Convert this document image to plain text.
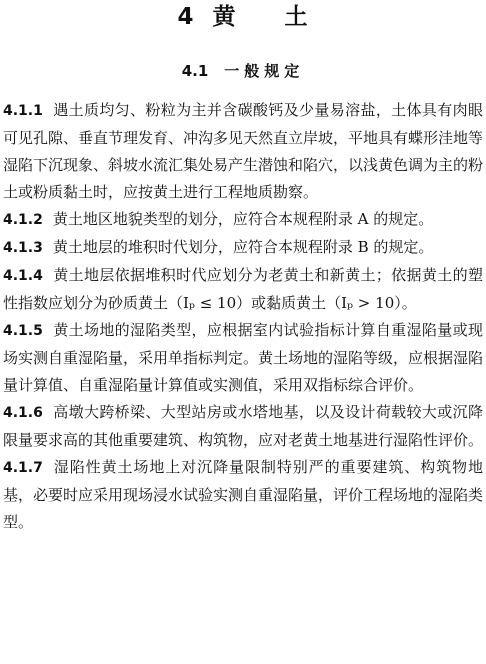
4 黄 土
4.1 一般规定

4.1.1 遇土质均匀、粉粒为主并含碳酸钙及少量易溶盐，土体具有肉眼可见孔隙、垂直节理发育、冲沟多见天然直立岸坡，平地具有蝶形洼地等湿陷下沉现象、斜坡水流汇集处易产生潜蚀和陷穴，以浅黄色调为主的粉土或粉质黏土时，应按黄土进行工程地质勘察。

4.1.2 黄土地区地貌类型的划分，应符合本规程附录 A 的规定。

4.1.3 黄土地层的堆积时代划分，应符合本规程附录 B 的规定。

4.1.4 黄土地层依据堆积时代应划分为老黄土和新黄土；依据黄土的塑性指数应划分为砂质黄土（Iₚ ≤ 10）或黏质黄土（Iₚ > 10）。

4.1.5 黄土场地的湿陷类型，应根据室内试验指标计算自重湿陷量或现场实测自重湿陷量，采用单指标判定。黄土场地的湿陷等级，应根据湿陷量计算值、自重湿陷量计算值或实测值，采用双指标综合评价。

4.1.6 高墩大跨桥梁、大型站房或水塔地基，以及设计荷载较大或沉降限量要求高的其他重要建筑、构筑物，应对老黄土地基进行湿陷性评价。

4.1.7 湿陷性黄土场地上对沉降量限制特别严的重要建筑、构筑物地基，必要时应采用现场浸水试验实测自重湿陷量，评价工程场地的湿陷类型。
